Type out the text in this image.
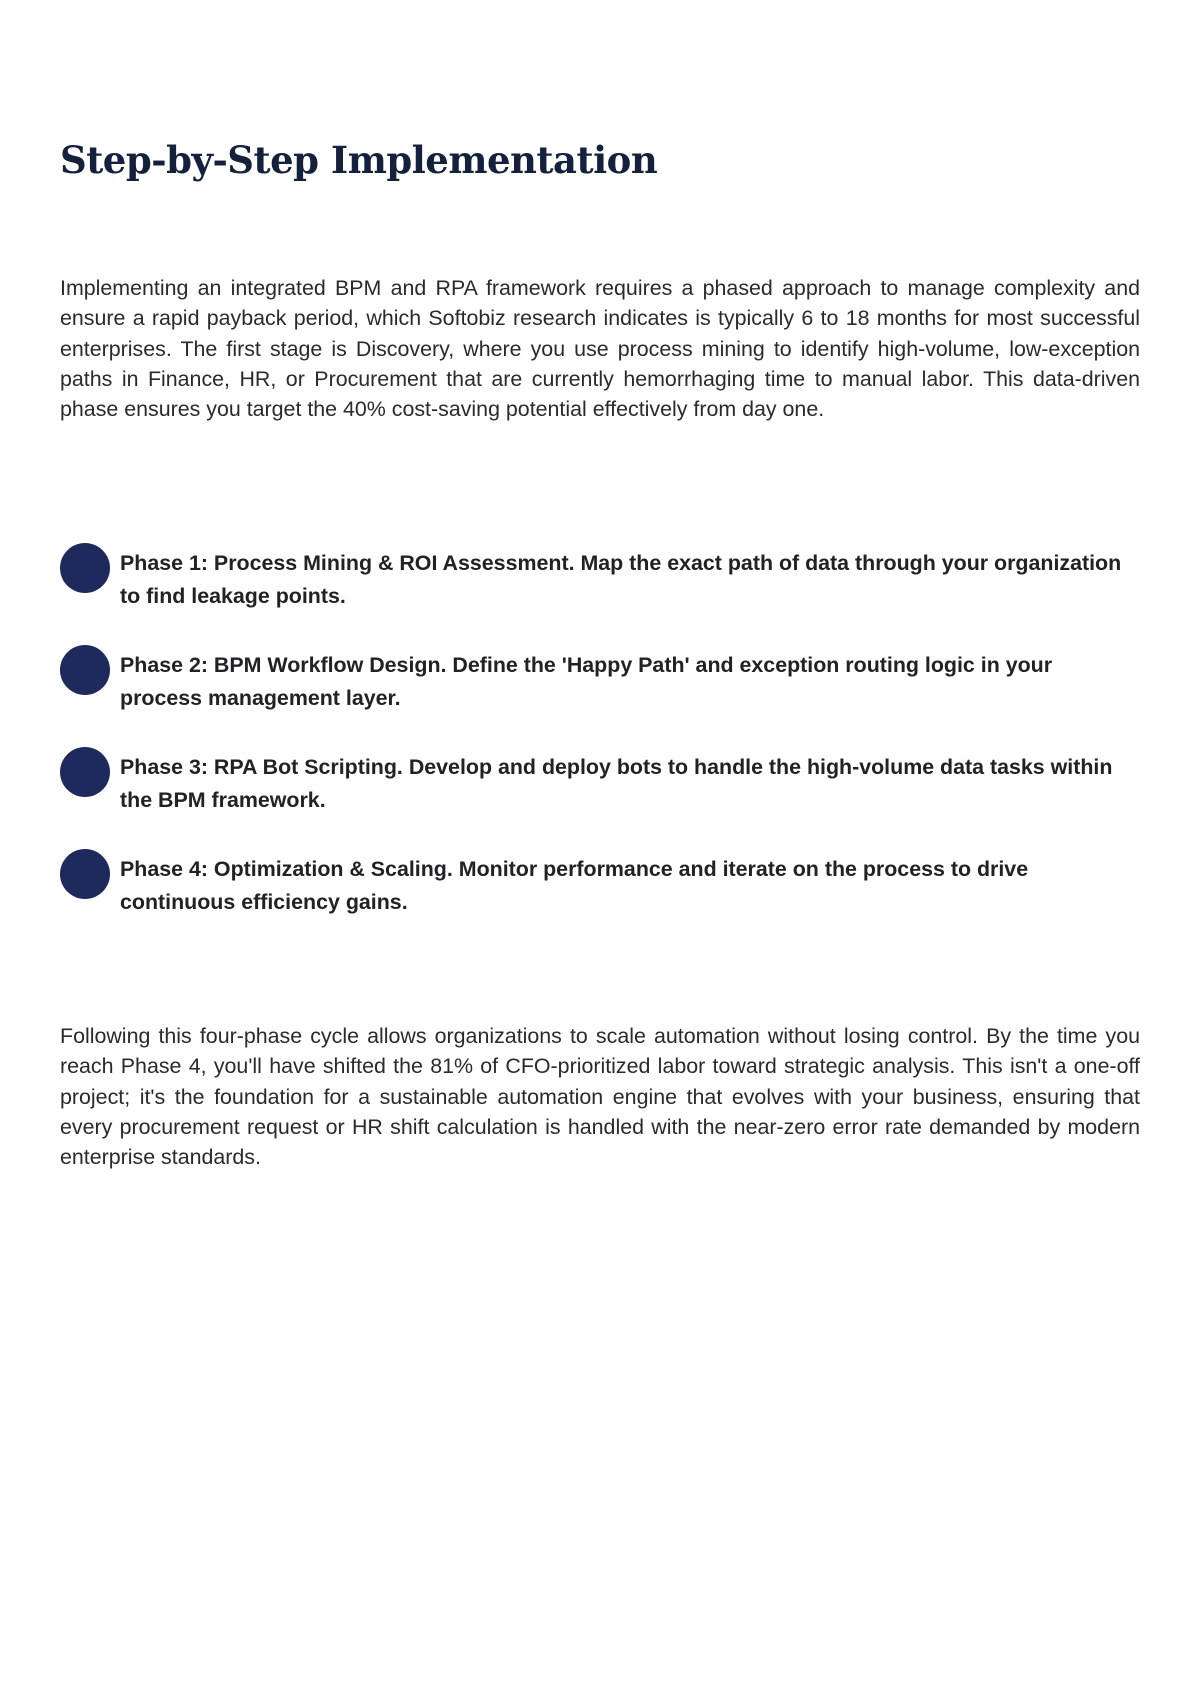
Step-by-Step Implementation

Implementing an integrated BPM and RPA framework requires a phased approach to manage complexity and ensure a rapid payback period, which Softobiz research indicates is typically 6 to 18 months for most successful enterprises. The first stage is Discovery, where you use process mining to identify high-volume, low-exception paths in Finance, HR, or Procurement that are currently hemorrhaging time to manual labor. This data-driven phase ensures you target the 40% cost-saving potential effectively from day one.

Phase 1: Process Mining & ROI Assessment. Map the exact path of data through your organization to find leakage points.
Phase 2: BPM Workflow Design. Define the 'Happy Path' and exception routing logic in your process management layer.
Phase 3: RPA Bot Scripting. Develop and deploy bots to handle the high-volume data tasks within the BPM framework.
Phase 4: Optimization & Scaling. Monitor performance and iterate on the process to drive continuous efficiency gains.

Following this four-phase cycle allows organizations to scale automation without losing control. By the time you reach Phase 4, you'll have shifted the 81% of CFO-prioritized labor toward strategic analysis. This isn't a one-off project; it's the foundation for a sustainable automation engine that evolves with your business, ensuring that every procurement request or HR shift calculation is handled with the near-zero error rate demanded by modern enterprise standards.
